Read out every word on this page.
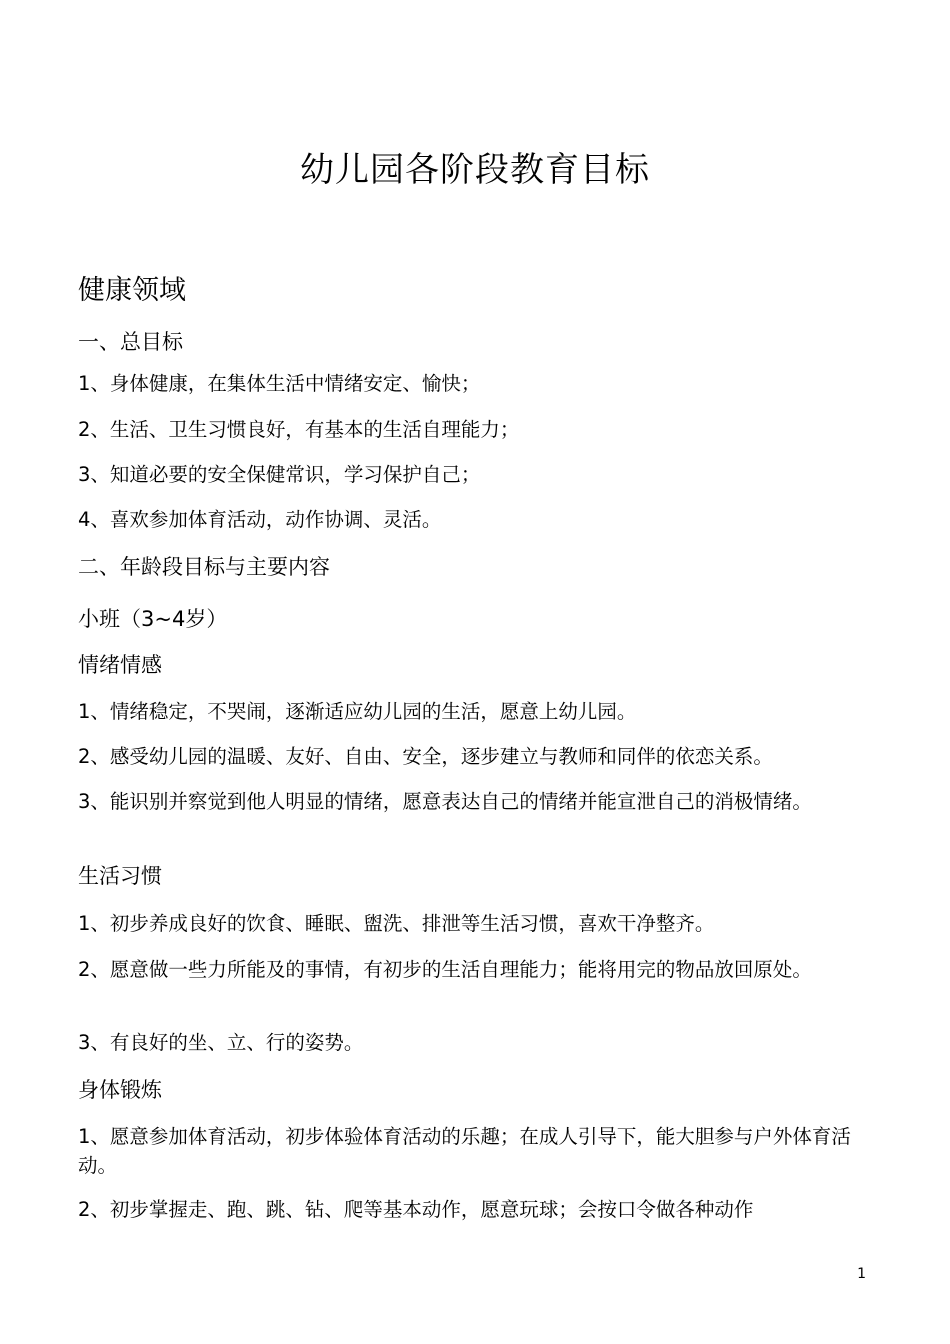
幼儿园各阶段教育目标
健康领域
一、总目标
1、身体健康，在集体生活中情绪安定、愉快；
2、生活、卫生习惯良好，有基本的生活自理能力；
3、知道必要的安全保健常识，学习保护自己；
4、喜欢参加体育活动，动作协调、灵活。
二、年龄段目标与主要内容
小班（3~4岁）
情绪情感
1、情绪稳定，不哭闹，逐渐适应幼儿园的生活，愿意上幼儿园。
2、感受幼儿园的温暖、友好、自由、安全，逐步建立与教师和同伴的依恋关系。
3、能识别并察觉到他人明显的情绪，愿意表达自己的情绪并能宣泄自己的消极情绪。
生活习惯
1、初步养成良好的饮食、睡眠、盥洗、排泄等生活习惯，喜欢干净整齐。
2、愿意做一些力所能及的事情，有初步的生活自理能力；能将用完的物品放回原处。
3、有良好的坐、立、行的姿势。
身体锻炼
1、愿意参加体育活动，初步体验体育活动的乐趣；在成人引导下，能大胆参与户外体育活动。
2、初步掌握走、跑、跳、钻、爬等基本动作，愿意玩球；会按口令做各种动作
1
